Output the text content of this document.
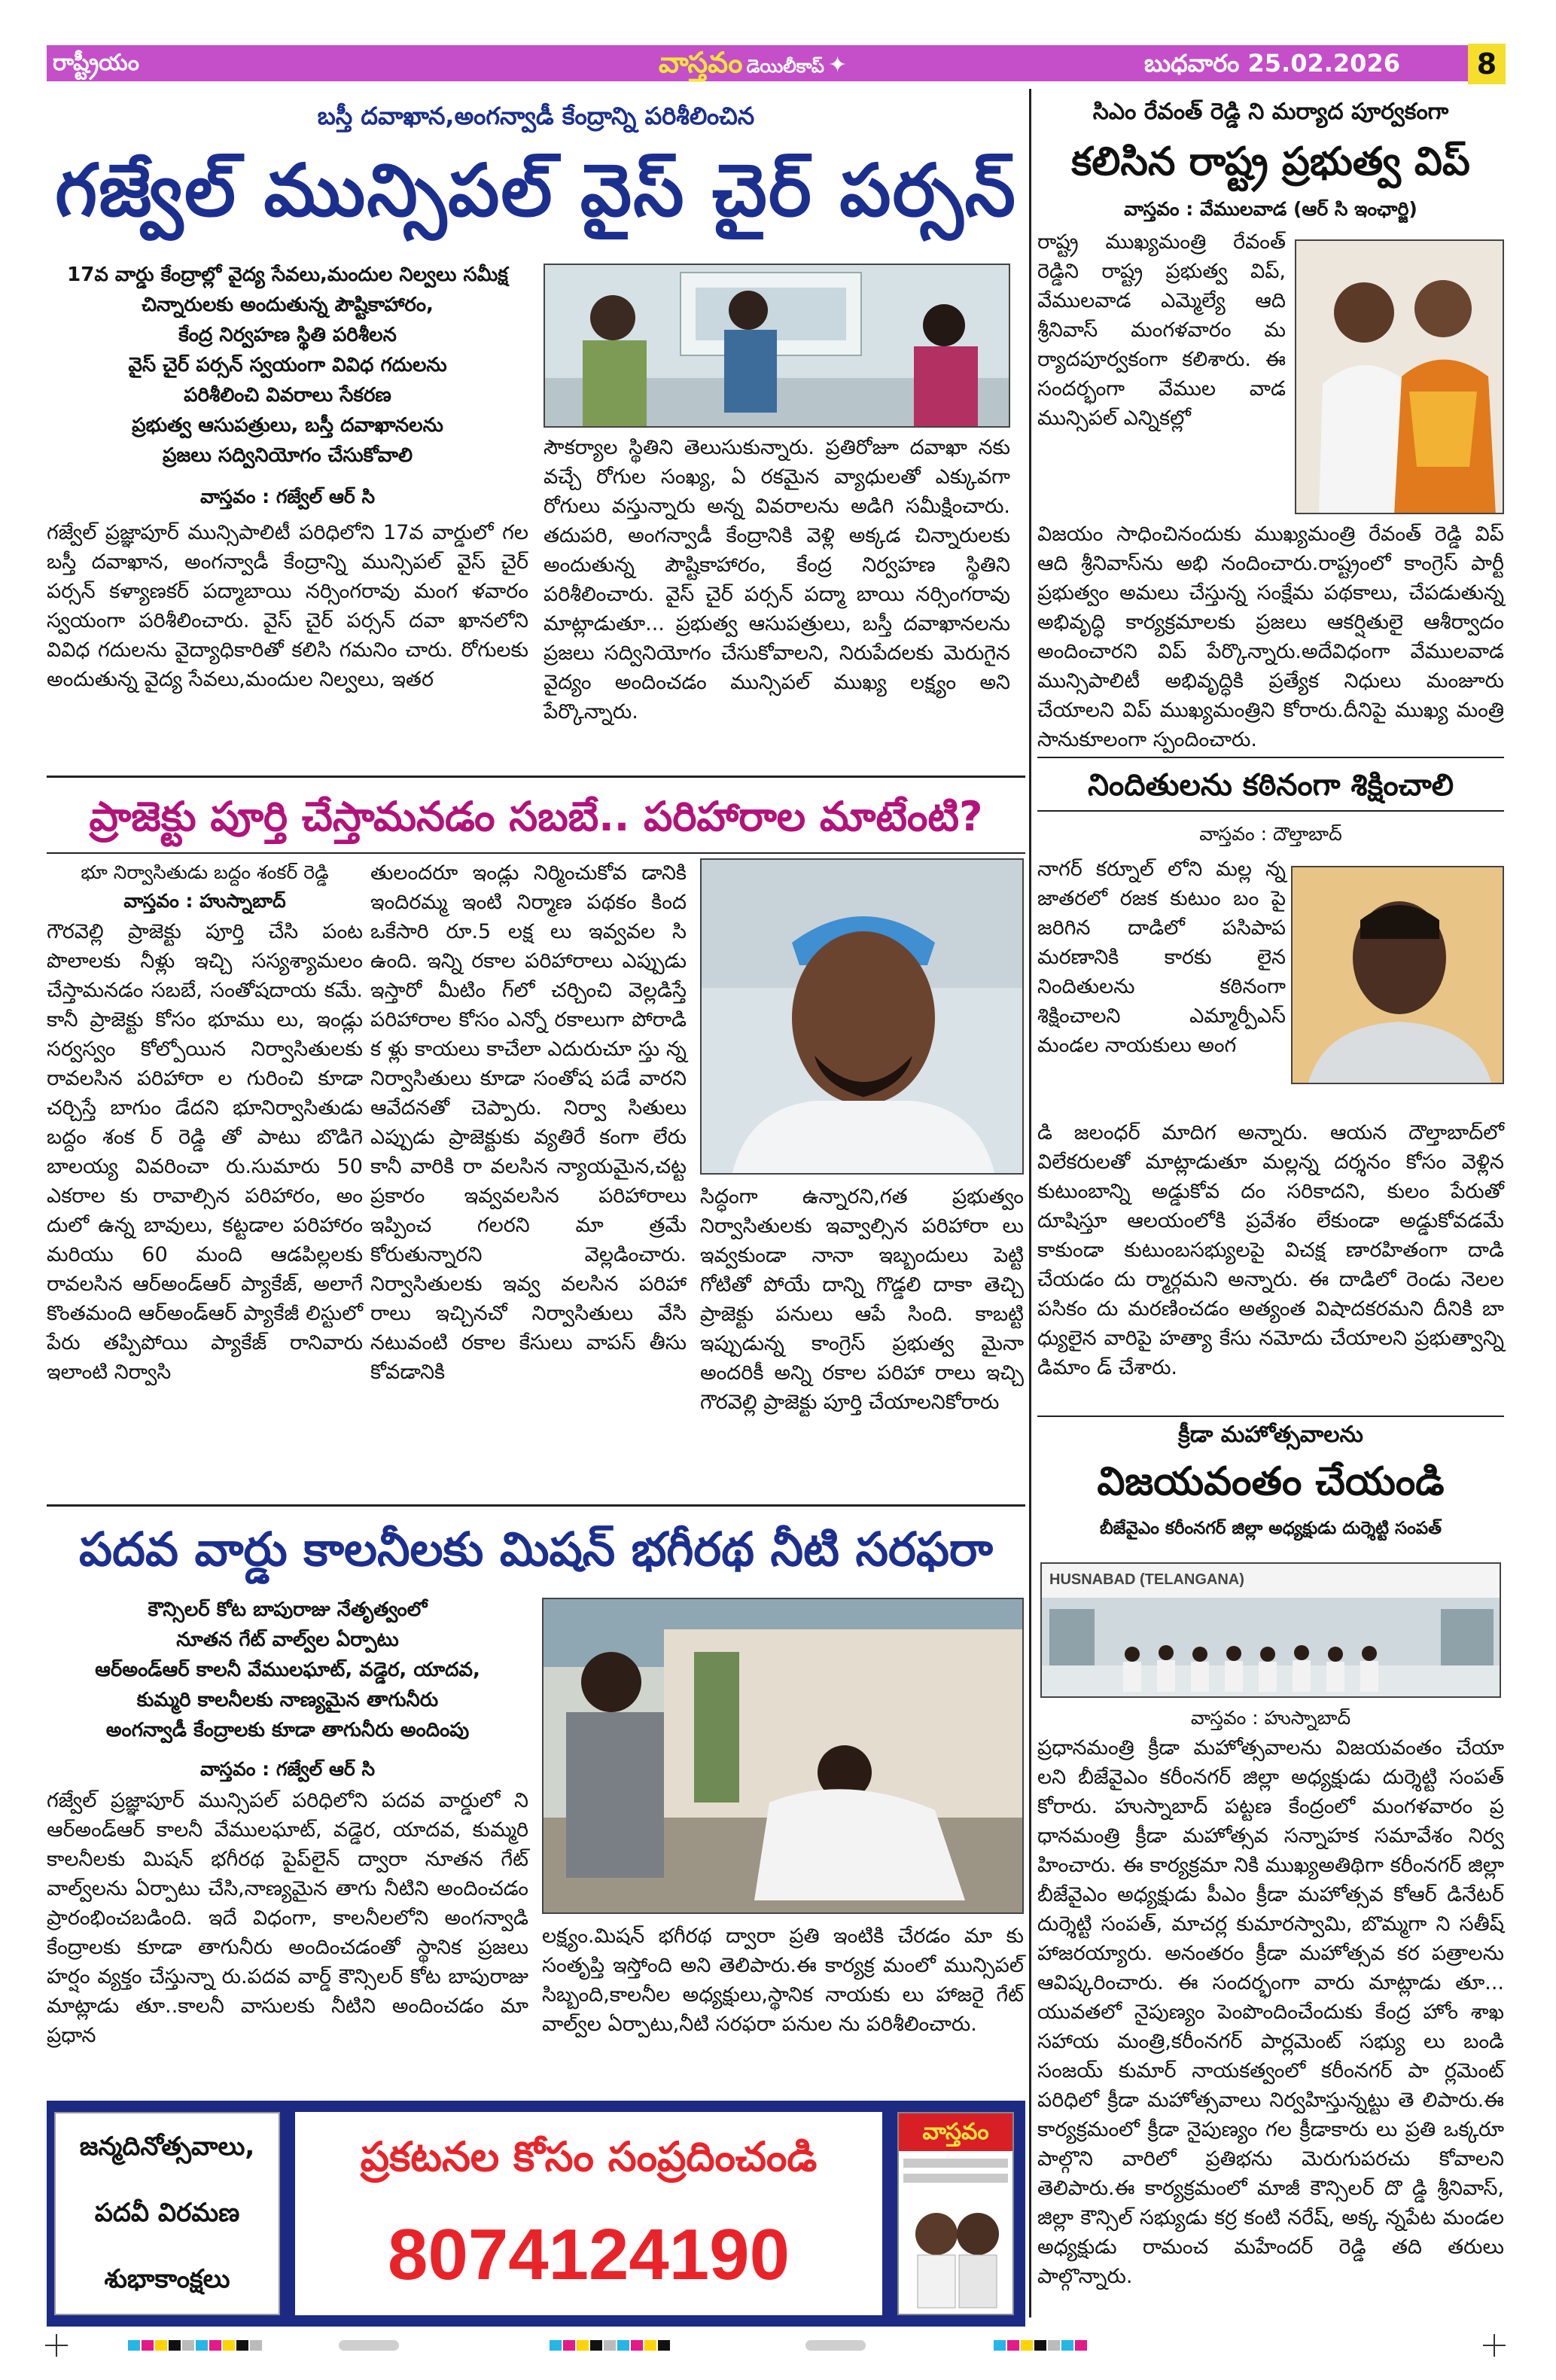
రాష్ట్రీయం	వాస్తవం డెయిలీకాప్ ✦	బుధవారం 25.02.2026	8
బస్తీ దవాఖాన,అంగన్వాడీ కేంద్రాన్ని పరిశీలించిన
గజ్వేల్ మున్సిపల్ వైస్ చైర్ పర్సన్
17వ వార్డు కేంద్రాల్లో వైద్య సేవలు,మందుల నిల్వలు సమీక్ష
చిన్నారులకు అందుతున్న పౌష్టికాహారం,
కేంద్ర నిర్వహణ స్థితి పరిశీలన
వైస్ చైర్ పర్సన్ స్వయంగా వివిధ గదులను
పరిశీలించి వివరాలు సేకరణ
ప్రభుత్వ ఆసుపత్రులు, బస్తీ దవాఖానలను
ప్రజలు సద్వినియోగం చేసుకోవాలి
వాస్తవం : గజ్వేల్ ఆర్ సి
గజ్వేల్ ప్రజ్ఞాపూర్ మున్సిపాలిటీ పరిధిలోని 17వ వార్డులో గల బస్తీ దవాఖాన, అంగన్వాడీ కేంద్రాన్ని మున్సిపల్ వైస్ చైర్ పర్సన్ కళ్యాణకర్ పద్మాబాయి నర్సింగరావు మంగ ళవారం స్వయంగా పరిశీలించారు. వైస్ చైర్ పర్సన్ దవా ఖానలోని వివిధ గదులను వైద్యాధికారితో కలిసి గమనిం చారు. రోగులకు అందుతున్న వైద్య సేవలు,మందుల నిల్వలు, ఇతర
సౌకర్యాల స్థితిని తెలుసుకున్నారు. ప్రతిరోజూ దవాఖా నకు వచ్చే రోగుల సంఖ్య, ఏ రకమైన వ్యాధులతో ఎక్కువగా రోగులు వస్తున్నారు అన్న వివరాలను అడిగి సమీక్షించారు. తదుపరి, అంగన్వాడీ కేంద్రానికి వెళ్లి అక్కడ చిన్నారులకు అందుతున్న పౌష్టికాహారం, కేంద్ర నిర్వహణ స్థితిని పరిశీలించారు. వైస్ చైర్ పర్సన్ పద్మా బాయి నర్సింగరావు మాట్లాడుతూ... ప్రభుత్వ ఆసుపత్రులు, బస్తీ దవాఖానలను ప్రజలు సద్వినియోగం చేసుకోవాలని, నిరుపేదలకు మెరుగైన వైద్యం అందించడం మున్సిపల్ ముఖ్య లక్ష్యం అని పేర్కొన్నారు.
ప్రాజెక్టు పూర్తి చేస్తామనడం సబబే.. పరిహారాల మాటేంటి?
భూ నిర్వాసితుడు బద్దం శంకర్ రెడ్డి
వాస్తవం : హుస్నాబాద్
గౌరవెల్లి ప్రాజెక్టు పూర్తి చేసి పంట పొలాలకు నీళ్లు ఇచ్చి సస్యశ్యామలం చేస్తామనడం సబబే, సంతోషదాయ కమే. కానీ ప్రాజెక్టు కోసం భూము లు, ఇండ్లు సర్వస్వం కోల్పోయిన నిర్వాసితులకు రావలసిన పరిహారా ల గురించి కూడా చర్చిస్తే బాగుం డేదని భూనిర్వాసితుడు బద్దం శంక ర్ రెడ్డి తో పాటు బొడిగె బాలయ్య వివరించా రు.సుమారు 50 ఎకరాల కు రావాల్సిన పరిహారం, అం దులో ఉన్న బావులు, కట్టడాల పరిహారం మరియు 60 మంది ఆడపిల్లలకు రావలసిన ఆర్అండ్ఆర్ ప్యాకేజ్, అలాగే కొంతమంది ఆర్అండ్ఆర్ ప్యాకేజీ లిస్టులో పేరు తప్పిపోయి ప్యాకేజ్ రానివారు ఇలాంటి నిర్వాసి
తులందరూ ఇండ్లు నిర్మించుకోవ డానికి ఇందిరమ్మ ఇంటి నిర్మాణ పథకం కింద ఒకేసారి రూ.5 లక్ష లు ఇవ్వవల సి ఉంది. ఇన్ని రకాల పరిహారాలు ఎప్పుడు ఇస్తారో మీటిం గ్‌లో చర్చించి వెల్లడిస్తే పరిహారాల కోసం ఎన్నో రకాలుగా పోరాడి క ళ్లు కాయలు కాచేలా ఎదురుచూ స్తు న్న నిర్వాసితులు కూడా సంతోష పడే వారని ఆవేదనతో చెప్పారు. నిర్వా సితులు ఎప్పుడు ప్రాజెక్టుకు వ్యతిరే కంగా లేరు కానీ వారికి రా వలసిన న్యాయమైన,చట్ట ప్రకారం ఇవ్వవలసిన పరిహారాలు ఇప్పించ గలరని మా త్రమే కోరుతున్నారని వెల్లడించారు. నిర్వాసితులకు ఇవ్వ వలసిన పరిహా రాలు ఇచ్చినచో నిర్వాసితులు వేసి నటువంటి రకాల కేసులు వాపస్ తీసు కోవడానికి
సిద్ధంగా ఉన్నారని,గత ప్రభుత్వం నిర్వాసితులకు ఇవ్వాల్సిన పరిహారా లు ఇవ్వకుండా నానా ఇబ్బందులు పెట్టి గోటితో పోయే దాన్ని గొడ్డలి దాకా తెచ్చి ప్రాజెక్టు పనులు ఆపే సింది. కాబట్టి ఇప్పుడున్న కాంగ్రెస్ ప్రభుత్వ మైనా అందరికీ అన్ని రకాల పరిహా రాలు ఇచ్చి గౌరవెల్లి ప్రాజెక్టు పూర్తి చేయాలనికోరారు
పదవ వార్డు కాలనీలకు మిషన్ భగీరథ నీటి సరఫరా
కౌన్సిలర్ కోట బాపురాజు నేతృత్వంలో
నూతన గేట్ వాల్వ్‌ల ఏర్పాటు
ఆర్అండ్ఆర్ కాలనీ వేములఘాట్, వడ్డెర, యాదవ,
కుమ్మరి కాలనీలకు నాణ్యమైన తాగునీరు
అంగన్వాడీ కేంద్రాలకు కూడా తాగునీరు అందింపు
వాస్తవం : గజ్వేల్ ఆర్ సి
గజ్వేల్ ప్రజ్ఞాపూర్ మున్సిపల్ పరిధిలోని పదవ వార్డులో ని ఆర్అండ్ఆర్ కాలనీ వేములఘాట్, వడ్డెర, యాదవ, కుమ్మరి కాలనీలకు మిషన్ భగీరథ పైప్‌లైన్ ద్వారా నూతన గేట్ వాల్వ్‌లను ఏర్పాటు చేసి,నాణ్యమైన తాగు నీటిని అందించడం ప్రారంభించబడింది. ఇదే విధంగా, కాలనీలలోని అంగన్వాడి కేంద్రాలకు కూడా తాగునీరు అందించడంతో స్థానిక ప్రజలు హర్షం వ్యక్తం చేస్తున్నా రు.పదవ వార్డ్ కౌన్సిలర్ కోట బాపురాజు మాట్లాడు తూ..కాలనీ వాసులకు నీటిని అందించడం మా ప్రధాన
లక్ష్యం.మిషన్ భగీరథ ద్వారా ప్రతి ఇంటికి చేరడం మా కు సంతృప్తి ఇస్తోంది అని తెలిపారు.ఈ కార్యక్ర మంలో మున్సిపల్ సిబ్బంది,కాలనీల అధ్యక్షులు,స్థానిక నాయకు లు హాజరై గేట్ వాల్వ్‌ల ఏర్పాటు,నీటి సరఫరా పనుల ను పరిశీలించారు.
జన్మదినోత్సవాలు,
పదవీ విరమణ
శుభాకాంక్షలు
ప్రకటనల కోసం సంప్రదించండి
8074124190
వాస్తవం
సిఎం రేవంత్ రెడ్డి ని మర్యాద పూర్వకంగా
కలిసిన రాష్ట్ర ప్రభుత్వ విప్
వాస్తవం : వేములవాడ (ఆర్ సి ఇంఛార్జి)
రాష్ట్ర ముఖ్యమంత్రి రేవంత్ రెడ్డిని రాష్ట్ర ప్రభుత్వ విప్, వేములవాడ ఎమ్మెల్యే ఆది శ్రీనివాస్ మంగళవారం మ ర్యాదపూర్వకంగా కలిశారు. ఈ సందర్భంగా వేముల వాడ మున్సిపల్ ఎన్నికల్లో
విజయం సాధించినందుకు ముఖ్యమంత్రి రేవంత్ రెడ్డి విప్ ఆది శ్రీనివాస్‌ను అభి నందించారు.రాష్ట్రంలో కాంగ్రెస్ పార్టీ ప్రభుత్వం అమలు చేస్తున్న సంక్షేమ పథకాలు, చేపడుతున్న అభివృద్ధి కార్యక్రమాలకు ప్రజలు ఆకర్షితులై ఆశీర్వాదం అందించారని విప్ పేర్కొన్నారు.అదేవిధంగా వేములవాడ మున్సిపాలిటీ అభివృద్ధికి ప్రత్యేక నిధులు మంజూరు చేయాలని విప్ ముఖ్యమంత్రిని కోరారు.దీనిపై ముఖ్య మంత్రి సానుకూలంగా స్పందించారు.
నిందితులను కఠినంగా శిక్షించాలి
వాస్తవం : దౌల్తాబాద్
నాగర్ కర్నూల్ లోని మల్ల న్న జాతరలో రజక కుటుం బం పై జరిగిన దాడిలో పసిపాప మరణానికి కారకు లైన నిందితులను కఠినంగా శిక్షించాలని ఎమ్మార్పీఎస్ మండల నాయకులు అంగ
డి జలంధర్ మాదిగ అన్నారు. ఆయన దౌల్తాబాద్‌లో విలేకరులతో మాట్లాడుతూ మల్లన్న దర్శనం కోసం వెళ్లిన కుటుంబాన్ని అడ్డుకోవ దం సరికాదని, కులం పేరుతో దూషిస్తూ ఆలయంలోకి ప్రవేశం లేకుండా అడ్డుకోవడమే కాకుండా కుటుంబసభ్యులపై విచక్ష ణారహితంగా దాడి చేయడం దు ర్మార్గమని అన్నారు. ఈ దాడిలో రెండు నెలల పసికం దు మరణించడం అత్యంత విషాదకరమని దీనికి బా ధ్యులైన వారిపై హత్యా కేసు నమోదు చేయాలని ప్రభుత్వాన్ని డిమాం డ్ చేశారు.
క్రీడా మహోత్సవాలను
విజయవంతం చేయండి
బీజేవైఎం కరీంనగర్ జిల్లా అధ్యక్షుడు దుర్శెట్టి సంపత్
HUSNABAD (TELANGANA)
వాస్తవం : హుస్నాబాద్
ప్రధానమంత్రి క్రీడా మహోత్సవాలను విజయవంతం చేయా లని బీజేవైఎం కరీంనగర్ జిల్లా అధ్యక్షుడు దుర్శెట్టి సంపత్ కోరారు. హుస్నాబాద్ పట్టణ కేంద్రంలో మంగళవారం ప్ర ధానమంత్రి క్రీడా మహోత్సవ సన్నాహక సమావేశం నిర్వ హించారు. ఈ కార్యక్రమా నికి ముఖ్యఅతిథిగా కరీంనగర్ జిల్లా బీజేవైఎం అధ్యక్షుడు పీఎం క్రీడా మహోత్సవ కోఆర్ డినేటర్ దుర్శెట్టి సంపత్, మాచర్ల కుమారస్వామి, బొమ్మగా ని సతీష్ హాజరయ్యారు. అనంతరం క్రీడా మహోత్సవ కర పత్రాలను ఆవిష్కరించారు. ఈ సందర్భంగా వారు మాట్లాడు తూ... యువతలో నైపుణ్యం పెంపొందించేందుకు కేంద్ర హోం శాఖ సహాయ మంత్రి,కరీంనగర్ పార్లమెంట్ సభ్యు లు బండి సంజయ్ కుమార్ నాయకత్వంలో కరీంనగర్ పా ర్లమెంట్ పరిధిలో క్రీడా మహోత్సవాలు నిర్వహిస్తున్నట్టు తె లిపారు.ఈ కార్యక్రమంలో క్రీడా నైపుణ్యం గల క్రీడాకారు లు ప్రతి ఒక్కరూ పాల్గొని వారిలో ప్రతిభను మెరుగుపరచు కోవాలని తెలిపారు.ఈ కార్యక్రమంలో మాజీ కౌన్సిలర్ దొ డ్డి శ్రీనివాస్, జిల్లా కౌన్సిల్ సభ్యుడు కర్ర కంటి నరేష్, అక్క న్నపేట మండల అధ్యక్షుడు రామంచ మహేందర్ రెడ్డి తది తరులు పాల్గొన్నారు.
